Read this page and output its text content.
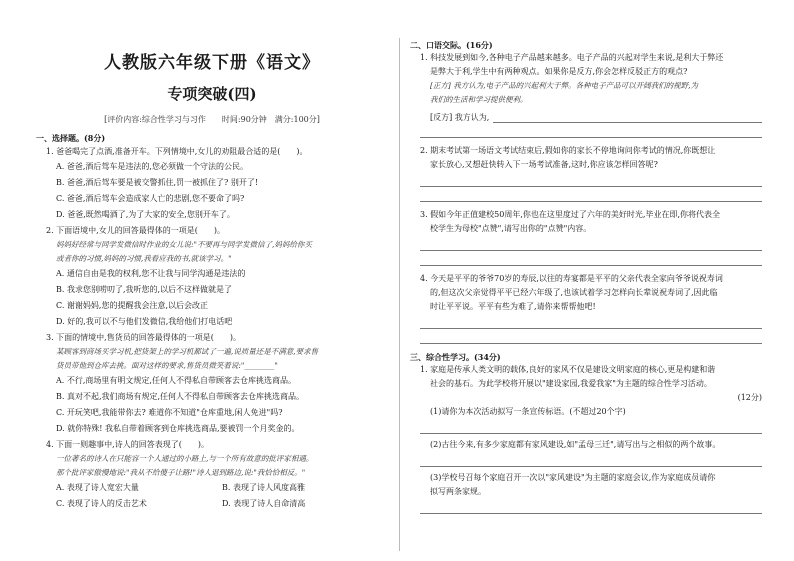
人教版六年级下册《语文》
专项突破(四)
[评价内容:综合性学习与习作　　时间:90分钟　满分:100分]
一、选择题。(8分)
1. 爸爸喝完了点酒,准备开车。下列情境中,女儿的劝阻最合适的是(　　)。
A. 爸爸,酒后驾车是违法的,您必须做一个守法的公民。
B. 爸爸,酒后驾车要是被交警抓住,罚一被抓住了? 别开了!
C. 爸爸,酒后驾车会造成家人亡的悲剧,您不要命了吗?
D. 爸爸,既然喝酒了,为了大家的安全,您别开车了。
2. 下面语境中,女儿的回答最得体的一项是(　　)。
妈妈好经常与同学发微信时作业的女儿说:"不要再与同学发微信了,妈妈给你买
或者你的习惯,妈妈的习惯,我看应我的书,就该学习。"
A. 通信自由是我的权利,您不让我与同学沟通是违法的
B. 我求您别唠叨了,我听您的,以后不这样做就是了
C. 谢谢妈妈,您的提醒我会注意,以后会改正
D. 好的,我可以不与他们发微信,我给他们打电话吧
3. 下面的情境中,售货员的回答最得体的一项是(　　)。
某顾客到商场买学习机,把货架上的学习机都试了一遍,说质量还是不满意,要求售
货员带他到仓库去挑。面对这样的要求,售货员微笑着说:"________"
A. 不行,商场里有明文规定,任何人不得私自带顾客去仓库挑选商品。
B. 真对不起,我们商场有规定,任何人不得私自带顾客去仓库挑选商品。
C. 开玩笑吧,我能带你去? 难道你不知道"仓库重地,闲人免进"吗?
D. 就你特殊! 我私自带着顾客到仓库挑选商品,要被罚一个月奖金的。
4. 下面一则趣事中,诗人的回答表现了(　　)。
一位著名的诗人在只能容一个人通过的小路上,与一个所有故意的批评家相遇。
那个批评家傲慢地说:"我从不给傻子让路!"诗人退到路边,说:"我恰恰相反。"
A. 表现了诗人宽宏大量	B. 表现了诗人风度高雅
C. 表现了诗人的反击艺术	D. 表现了诗人自命清高
二、口语交际。(16分)
1. 科技发展到如今,各种电子产品越来越多。电子产品的兴起对学生来说,是利大于弊还
是弊大于利,学生中有两种观点。如果你是反方,你会怎样反驳正方的观点?
[正方] 我方认为,电子产品的兴起利大于弊。各种电子产品可以开阔我们的视野,为
我们的生活和学习提供便利。
[反方] 我方认为,
2. 期末考试第一场语文考试结束后,假如你的家长不停地询问你考试的情况,你既想让
家长放心,又想赶快转入下一场考试准备,这时,你应该怎样回答呢?
3. 假如今年正值建校50周年,你也在这里度过了六年的美好时光,毕业在即,你将代表全
校学生为母校"点赞",请写出你的"点赞"内容。
4. 今天是平平的爷爷70岁的寿辰,以往的寿宴都是平平的父亲代表全家向爷爷说祝寿词
的,但这次父亲觉得平平已经六年级了,也该试着学习怎样向长辈说祝寿词了,因此临
时让平平说。平平有些为难了,请你来帮帮他吧!
三、综合性学习。(34分)
1. 家庭是传承人类文明的载体,良好的家风不仅是建设文明家庭的核心,更是构建和谐
社会的基石。为此学校将开展以"建设家园,我爱我家"为主题的综合性学习活动。
(12分)
(1)请你为本次活动拟写一条宣传标语。(不超过20个字)
(2)古往今来,有多少家庭都有家风建设,如"孟母三迁",请写出与之相似的两个故事。
(3)学校号召每个家庭召开一次以"家风建设"为主题的家庭会议,作为家庭成员请你
拟写两条家规。
